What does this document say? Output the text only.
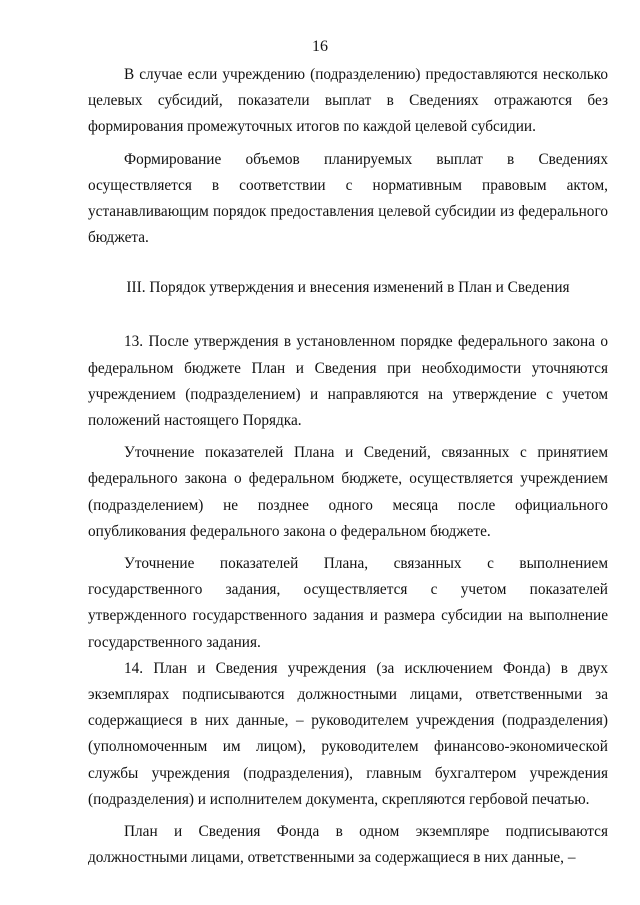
16

В случае если учреждению (подразделению) предоставляются несколько целевых субсидий, показатели выплат в Сведениях отражаются без формирования промежуточных итогов по каждой целевой субсидии.

Формирование объемов планируемых выплат в Сведениях осуществляется в соответствии с нормативным правовым актом, устанавливающим порядок предоставления целевой субсидии из федерального бюджета.

III. Порядок утверждения и внесения изменений в План и Сведения

13. После утверждения в установленном порядке федерального закона о федеральном бюджете План и Сведения при необходимости уточняются учреждением (подразделением) и направляются на утверждение с учетом положений настоящего Порядка.

Уточнение показателей Плана и Сведений, связанных с принятием федерального закона о федеральном бюджете, осуществляется учреждением (подразделением) не позднее одного месяца после официального опубликования федерального закона о федеральном бюджете.

Уточнение показателей Плана, связанных с выполнением государственного задания, осуществляется с учетом показателей утвержденного государственного задания и размера субсидии на выполнение государственного задания.

14. План и Сведения учреждения (за исключением Фонда) в двух экземплярах подписываются должностными лицами, ответственными за содержащиеся в них данные, – руководителем учреждения (подразделения) (уполномоченным им лицом), руководителем финансово-экономической службы учреждения (подразделения), главным бухгалтером учреждения (подразделения) и исполнителем документа, скрепляются гербовой печатью.

План и Сведения Фонда в одном экземпляре подписываются должностными лицами, ответственными за содержащиеся в них данные, –
